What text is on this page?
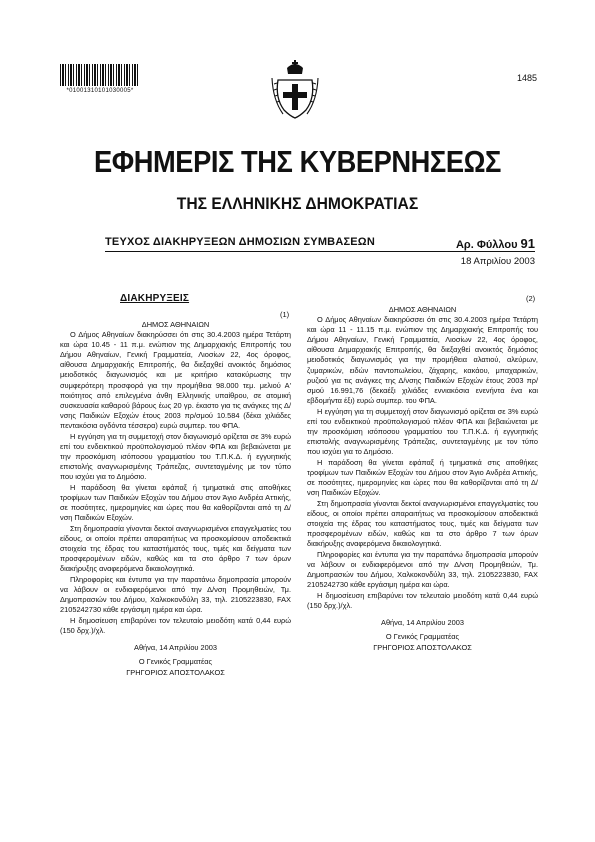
*01001310101030005*
1485
ΕΦΗΜΕΡΙΣ ΤΗΣ ΚΥΒΕΡΝΗΣΕΩΣ
ΤΗΣ ΕΛΛΗΝΙΚΗΣ ΔΗΜΟΚΡΑΤΙΑΣ
ΤΕΥΧΟΣ ΔΙΑΚΗΡΥΞΕΩΝ ΔΗΜΟΣΙΩΝ ΣΥΜΒΑΣΕΩΝ	Αρ. Φύλλου 91
18 Απριλίου 2003
ΔΙΑΚΗΡΥΞΕΙΣ
(1)
ΔΗΜΟΣ ΑΘΗΝΑΙΩΝ

Ο Δήμος Αθηναίων διακηρύσσει ότι στις 30.4.2003 ημέρα Τετάρτη και ώρα 10.45 - 11 π.μ. ενώπιον της Δημαρχιακής Επιτροπής του Δήμου Αθηναίων, Γενική Γραμματεία, Λιοσίων 22, 4ος όροφος, αίθουσα Δημαρχιακής Επιτροπής, θα διεξαχθεί ανοικτός δημόσιος μειοδοτικός διαγωνισμός και με κριτήριο κατακύρωσης την συμφερότερη προσφορά για την προμήθεια 98.000 τεμ. μελιού Α' ποιότητος από επιλεγμένα άνθη Ελληνικής υπαίθρου, σε ατομική συσκευασία καθαρού βάρους έως 20 γρ. έκαστο για τις ανάγκες της Δ/νσης Παιδικών Εξοχών έτους 2003 πρ/σμού 10.584 (δέκα χιλιάδες πεντακόσια ογδόντα τέσσερα) ευρώ συμπερ. του ΦΠΑ.

Η εγγύηση για τη συμμετοχή στον διαγωνισμό ορίζεται σε 3% ευρώ επί του ενδεικτικού προϋπολογισμού πλέον ΦΠΑ και βεβαιώνεται με την προσκόμιση ισόποσου γραμματίου του Τ.Π.Κ.Δ. ή εγγυητικής επιστολής αναγνωρισμένης Τράπεζας, συντεταγμένης με τον τύπο που ισχύει για το Δημόσιο.

Η παράδοση θα γίνεται εφάπαξ ή τμηματικά στις αποθήκες τροφίμων των Παιδικών Εξοχών του Δήμου στον Άγιο Ανδρέα Αττικής, σε ποσότητες, ημερομηνίες και ώρες που θα καθορίζονται από τη Δ/νση Παιδικών Εξοχών.

Στη δημοπρασία γίνονται δεκτοί αναγνωρισμένοι επαγγελματίες του είδους, οι οποίοι πρέπει απαραιτήτως να προσκομίσουν αποδεικτικά στοιχεία της έδρας του καταστήματός τους, τιμές και δείγματα των προσφερομένων ειδών, καθώς και τα στο άρθρο 7 των όρων διακήρυξης αναφερόμενα δικαιολογητικά.

Πληροφορίες και έντυπα για την παρατάνω δημοπρασία μπορούν να λάβουν οι ενδιαφερόμενοι από την Δ/νση Προμηθειών, Τμ. Δημοπρασιών του Δήμου, Χαλκοκονδύλη 33, τηλ. 2105223830, FAX 2105242730 κάθε εργάσιμη ημέρα και ώρα.

Η δημοσίευση επιβαρύνει τον τελευταίο μειοδότη κατά 0,44 ευρώ (150 δρχ.)/χλ.

Αθήνα, 14 Απριλίου 2003
Ο Γενικός Γραμματέας
ΓΡΗΓΟΡΙΟΣ ΑΠΟΣΤΟΛΑΚΟΣ
(2)
ΔΗΜΟΣ ΑΘΗΝΑΙΩΝ

Ο Δήμος Αθηναίων διακηρύσσει ότι στις 30.4.2003 ημέρα Τετάρτη και ώρα 11 - 11.15 π.μ. ενώπιον της Δημαρχιακής Επιτροπής του Δήμου Αθηναίων, Γενική Γραμματεία, Λιοσίων 22, 4ος όροφος, αίθουσα Δημαρχιακής Επιτροπής, θα διεξαχθεί ανοικτός δημόσιος μειοδοτικός διαγωνισμός για την προμήθεια αλατιού, αλεύρων, ζυμαρικών, ειδών παντοπωλείου, ζάχαρης, κακάου, μπαχαρικών, ρυζιού για τις ανάγκες της Δ/νσης Παιδικών Εξοχών έτους 2003 πρ/σμού 16.991,76 (δεκαέξι χιλιάδες εννιακόσια ενενήντα ένα και εβδομήντα έξι) ευρώ συμπερ. του ΦΠΑ.

Η εγγύηση για τη συμμετοχή στον διαγωνισμό ορίζεται σε 3% ευρώ επί του ενδεικτικού προϋπολογισμού πλέον ΦΠΑ και βεβαιώνεται με την προσκόμιση ισόποσου γραμματίου του Τ.Π.Κ.Δ. ή εγγυητικής επιστολής αναγνωρισμένης Τράπεζας, συντεταγμένης με τον τύπο που ισχύει για το Δημόσιο.

Η παράδοση θα γίνεται εφάπαξ ή τμηματικά στις αποθήκες τροφίμων των Παιδικών Εξοχών του Δήμου στον Άγιο Ανδρέα Αττικής, σε ποσότητες, ημερομηνίες και ώρες που θα καθορίζονται από τη Δ/νση Παιδικών Εξοχών.

Στη δημοπρασία γίνονται δεκτοί αναγνωρισμένοι επαγγελματίες του είδους, οι οποίοι πρέπει απαραιτήτως να προσκομίσουν αποδεικτικά στοιχεία της έδρας του καταστήματος τους, τιμές και δείγματα των προσφερομένων ειδών, καθώς και τα στο άρθρο 7 των όρων διακήρυξης αναφερόμενα δικαιολογητικά.

Πληροφορίες και έντυπα για την παραπάνω δημοπρασία μπορούν να λάβουν οι ενδιαφερόμενοι από την Δ/νση Προμηθειών, Τμ. Δημοπρασιών του Δήμου, Χαλκοκονδύλη 33, τηλ. 2105223830, FAX 2105242730 κάθε εργάσιμη ημέρα και ώρα.

Η δημοσίευση επιβαρύνει τον τελευταίο μειοδότη κατά 0,44 ευρώ (150 δρχ.)/χλ.

Αθήνα, 14 Απριλίου 2003
Ο Γενικός Γραμματέας
ΓΡΗΓΟΡΙΟΣ ΑΠΟΣΤΟΛΑΚΟΣ
